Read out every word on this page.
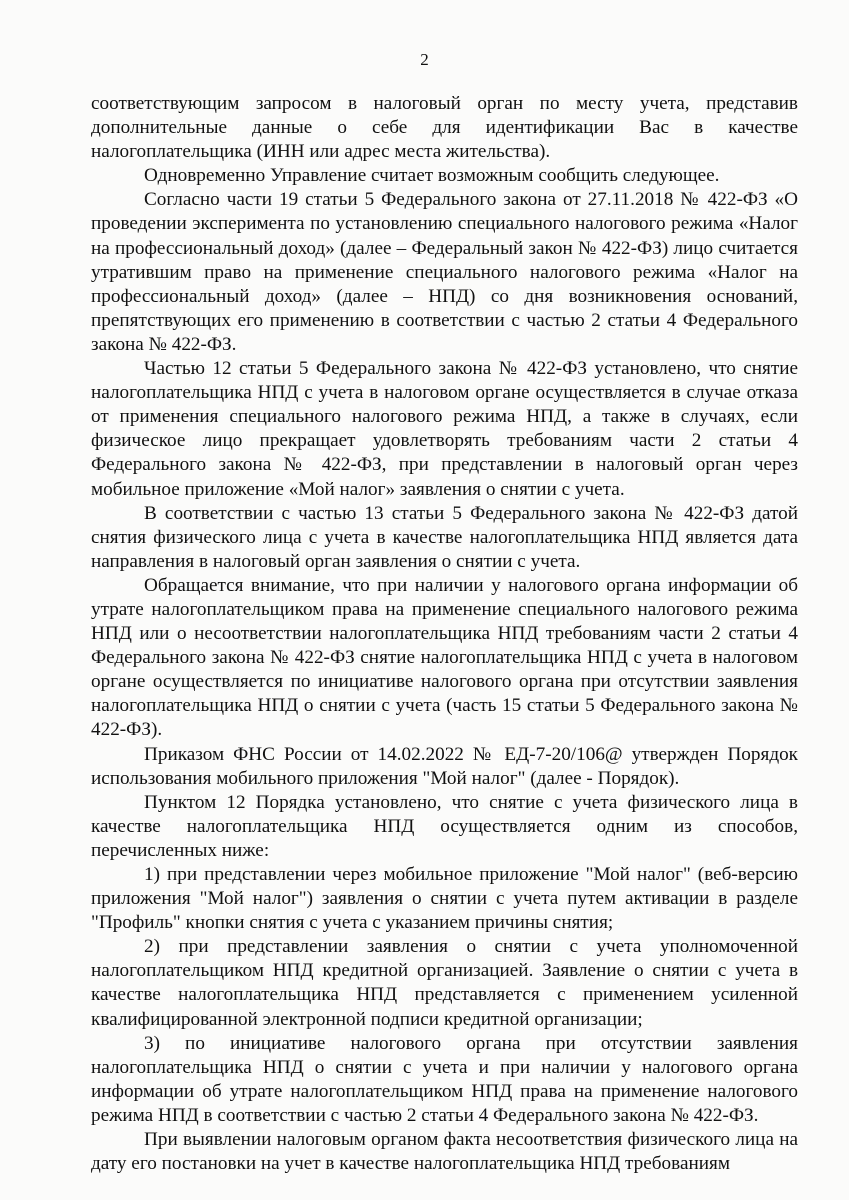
2

соответствующим запросом в налоговый орган по месту учета, представив дополнительные данные о себе для идентификации Вас в качестве налогоплательщика (ИНН или адрес места жительства).

Одновременно Управление считает возможным сообщить следующее.

Согласно части 19 статьи 5 Федерального закона от 27.11.2018 № 422-ФЗ «О проведении эксперимента по установлению специального налогового режима «Налог на профессиональный доход» (далее – Федеральный закон № 422-ФЗ) лицо считается утратившим право на применение специального налогового режима «Налог на профессиональный доход» (далее – НПД) со дня возникновения оснований, препятствующих его применению в соответствии с частью 2 статьи 4 Федерального закона № 422-ФЗ.

Частью 12 статьи 5 Федерального закона № 422-ФЗ установлено, что снятие налогоплательщика НПД с учета в налоговом органе осуществляется в случае отказа от применения специального налогового режима НПД, а также в случаях, если физическое лицо прекращает удовлетворять требованиям части 2 статьи 4 Федерального закона № 422-ФЗ, при представлении в налоговый орган через мобильное приложение «Мой налог» заявления о снятии с учета.

В соответствии с частью 13 статьи 5 Федерального закона № 422-ФЗ датой снятия физического лица с учета в качестве налогоплательщика НПД является дата направления в налоговый орган заявления о снятии с учета.

Обращается внимание, что при наличии у налогового органа информации об утрате налогоплательщиком права на применение специального налогового режима НПД или о несоответствии налогоплательщика НПД требованиям части 2 статьи 4 Федерального закона № 422-ФЗ снятие налогоплательщика НПД с учета в налоговом органе осуществляется по инициативе налогового органа при отсутствии заявления налогоплательщика НПД о снятии с учета (часть 15 статьи 5 Федерального закона № 422-ФЗ).

Приказом ФНС России от 14.02.2022 № ЕД-7-20/106@ утвержден Порядок использования мобильного приложения "Мой налог" (далее - Порядок).

Пунктом 12 Порядка установлено, что снятие с учета физического лица в качестве налогоплательщика НПД осуществляется одним из способов, перечисленных ниже:

1) при представлении через мобильное приложение "Мой налог" (веб-версию приложения "Мой налог") заявления о снятии с учета путем активации в разделе "Профиль" кнопки снятия с учета с указанием причины снятия;

2) при представлении заявления о снятии с учета уполномоченной налогоплательщиком НПД кредитной организацией. Заявление о снятии с учета в качестве налогоплательщика НПД представляется с применением усиленной квалифицированной электронной подписи кредитной организации;

3) по инициативе налогового органа при отсутствии заявления налогоплательщика НПД о снятии с учета и при наличии у налогового органа информации об утрате налогоплательщиком НПД права на применение налогового режима НПД в соответствии с частью 2 статьи 4 Федерального закона № 422-ФЗ.

При выявлении налоговым органом факта несоответствия физического лица на дату его постановки на учет в качестве налогоплательщика НПД требованиям
